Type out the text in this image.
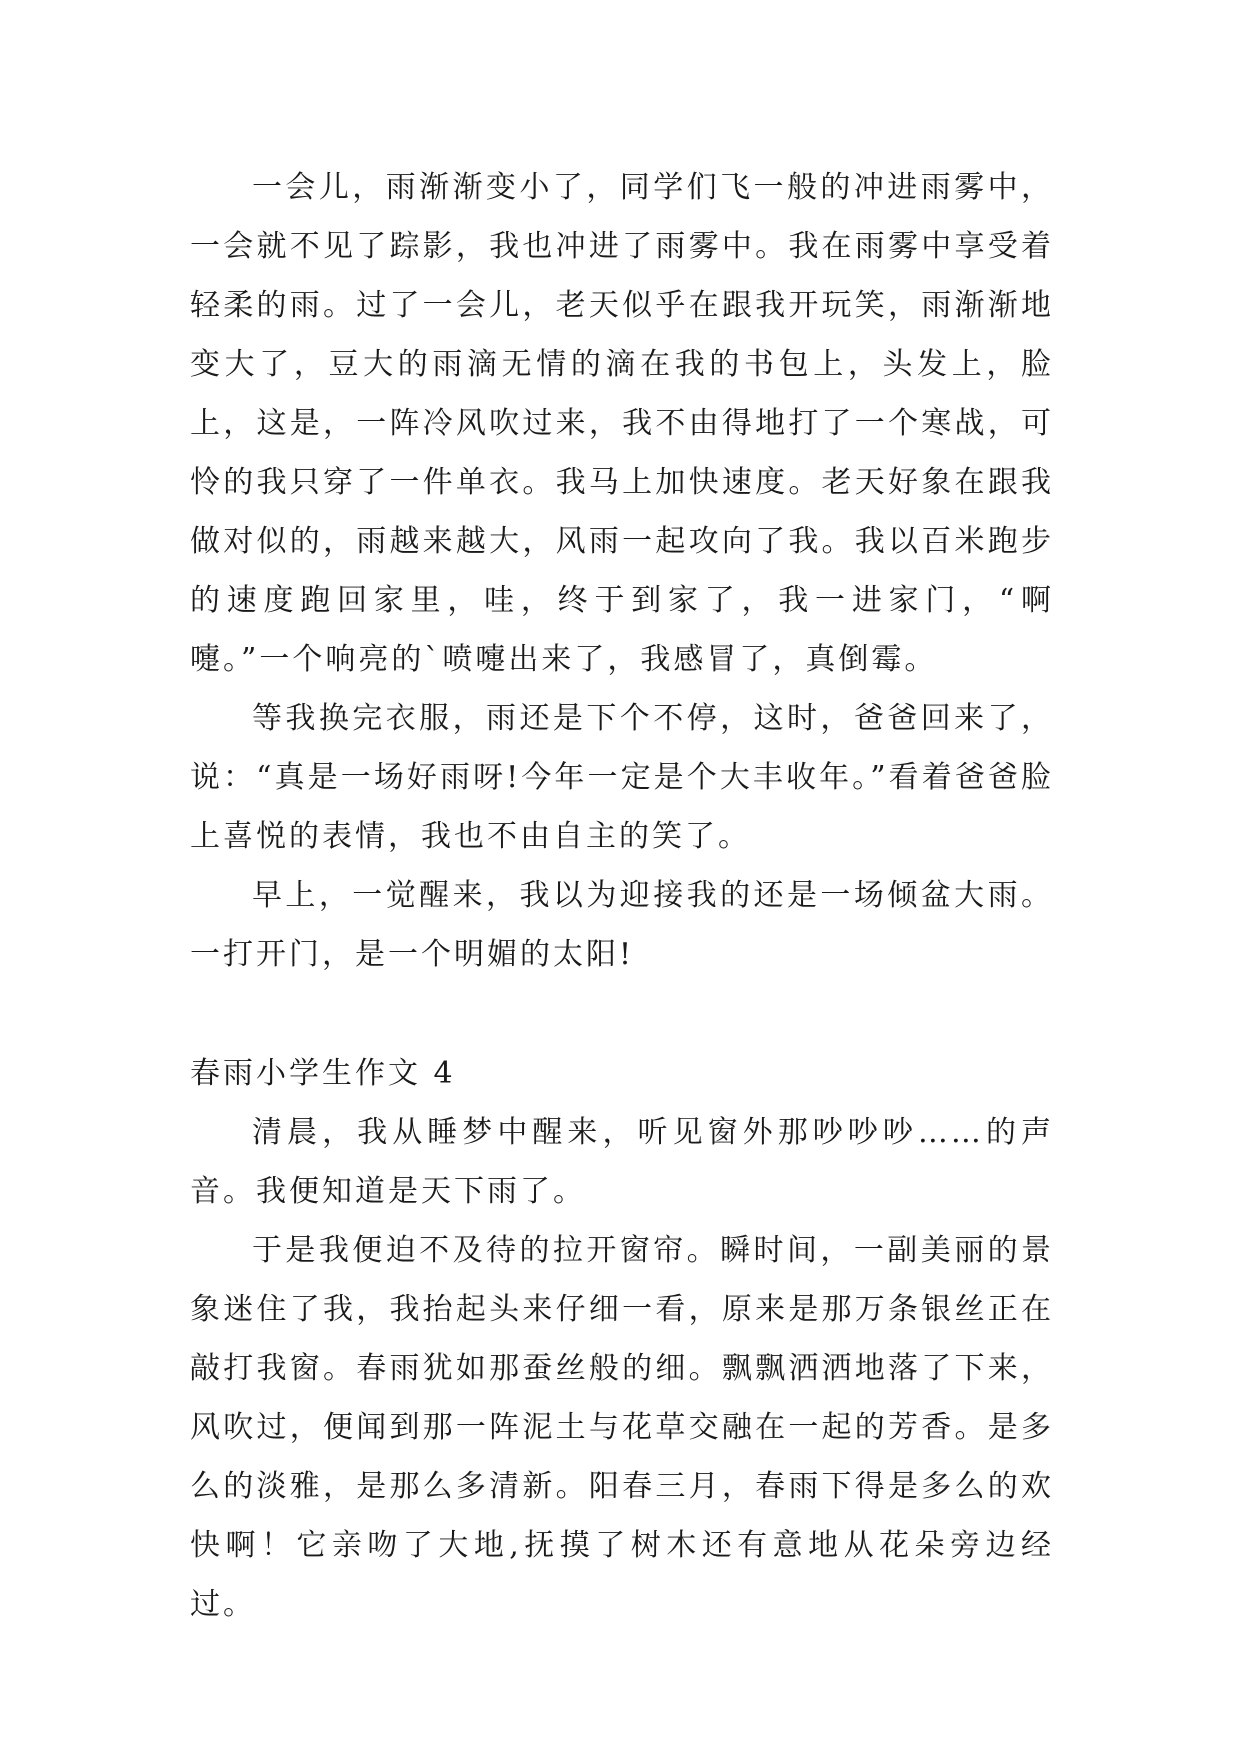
一会儿，雨渐渐变小了，同学们飞一般的冲进雨雾中，一会就不见了踪影，我也冲进了雨雾中。我在雨雾中享受着轻柔的雨。过了一会儿，老天似乎在跟我开玩笑，雨渐渐地变大了，豆大的雨滴无情的滴在我的书包上，头发上，脸上，这是，一阵冷风吹过来，我不由得地打了一个寒战，可怜的我只穿了一件单衣。我马上加快速度。老天好象在跟我做对似的，雨越来越大，风雨一起攻向了我。我以百米跑步的速度跑回家里，哇，终于到家了，我一进家门，“啊嚏。”一个响亮的`喷嚏出来了，我感冒了，真倒霉。

等我换完衣服，雨还是下个不停，这时，爸爸回来了，说：“真是一场好雨呀!今年一定是个大丰收年。”看着爸爸脸上喜悦的表情，我也不由自主的笑了。

早上，一觉醒来，我以为迎接我的还是一场倾盆大雨。一打开门，是一个明媚的太阳!

春雨小学生作文 4

清晨，我从睡梦中醒来，听见窗外那吵吵吵……的声音。我便知道是天下雨了。

于是我便迫不及待的拉开窗帘。瞬时间，一副美丽的景象迷住了我，我抬起头来仔细一看，原来是那万条银丝正在敲打我窗。春雨犹如那蚕丝般的细。飘飘洒洒地落了下来，风吹过，便闻到那一阵泥土与花草交融在一起的芳香。是多么的淡雅，是那么多清新。阳春三月，春雨下得是多么的欢快啊！它亲吻了大地,抚摸了树木还有意地从花朵旁边经过。
